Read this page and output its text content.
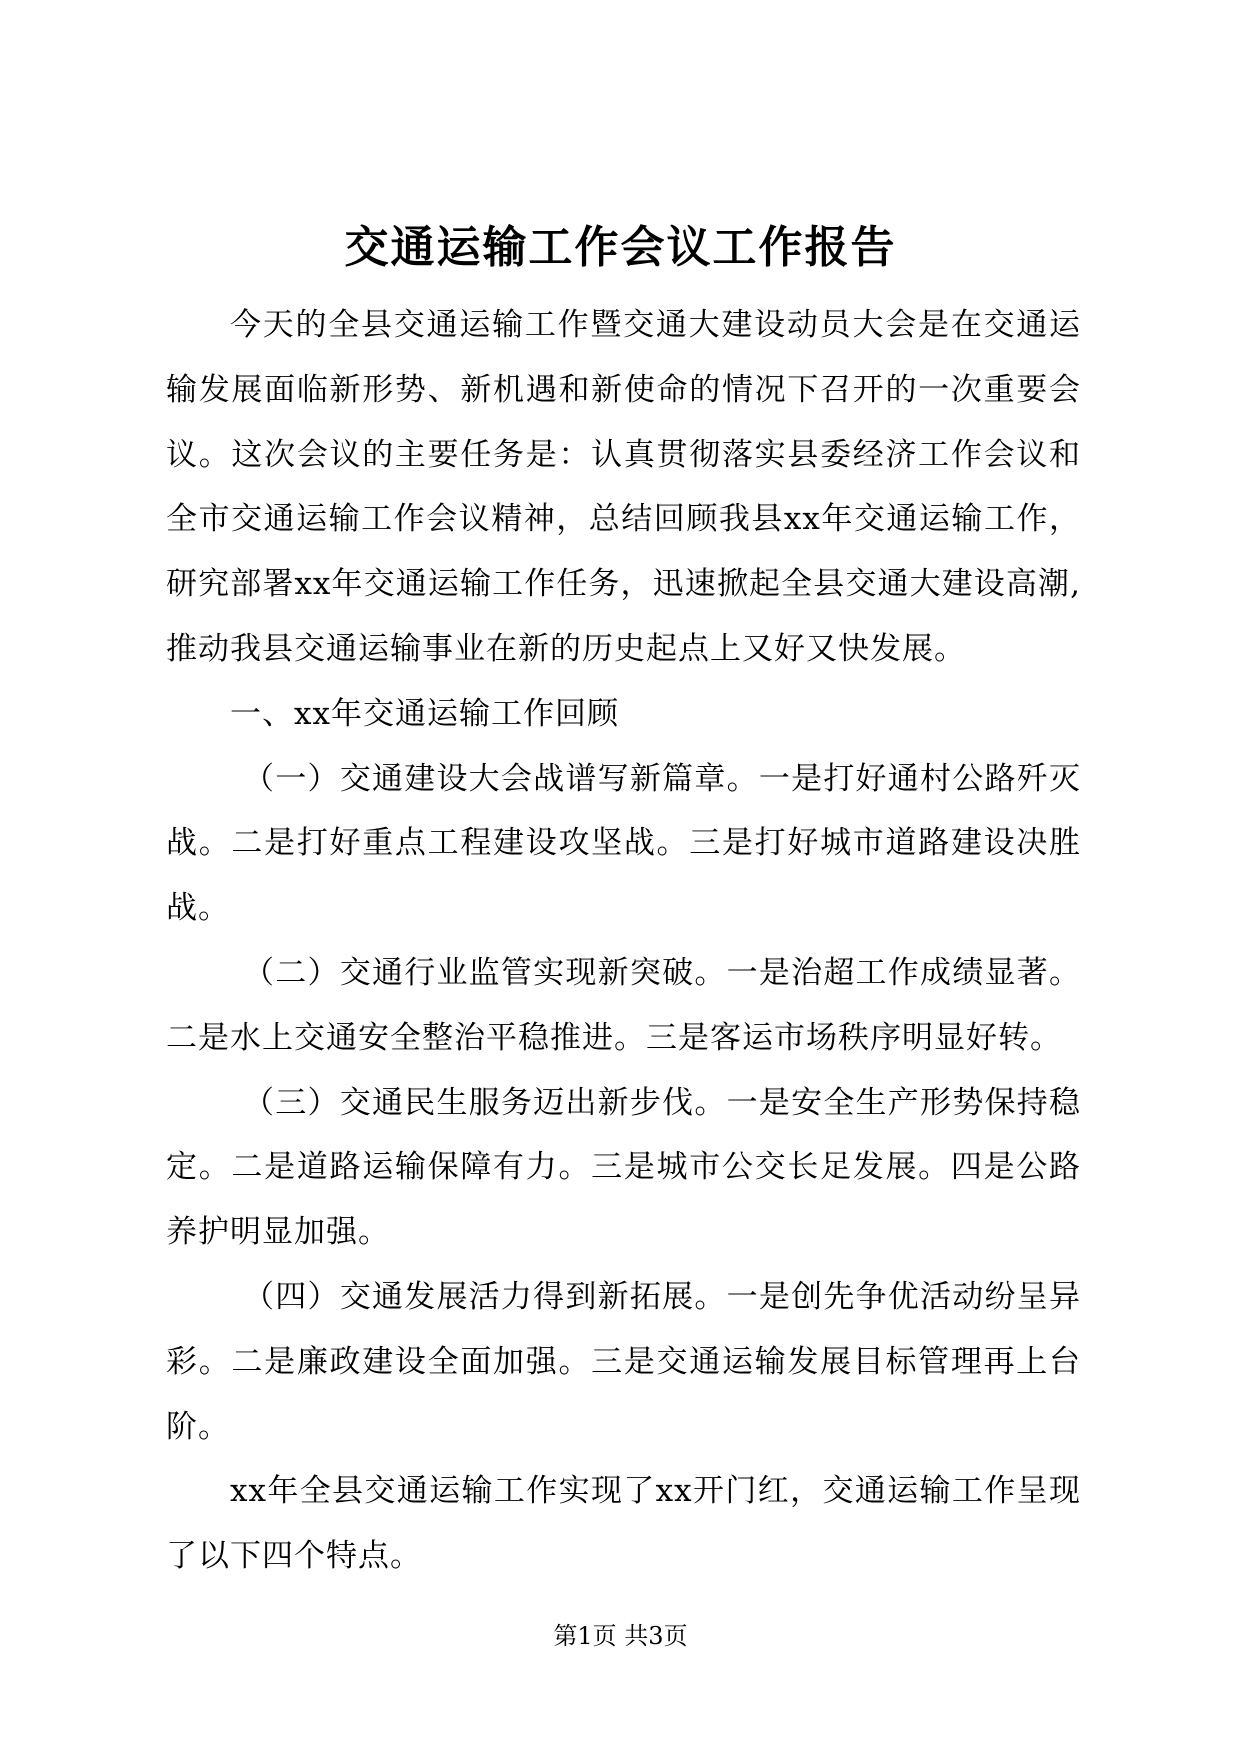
交通运输工作会议工作报告

今天的全县交通运输工作暨交通大建设动员大会是在交通运输发展面临新形势、新机遇和新使命的情况下召开的一次重要会议。这次会议的主要任务是：认真贯彻落实县委经济工作会议和全市交通运输工作会议精神，总结回顾我县xx年交通运输工作，研究部署xx年交通运输工作任务，迅速掀起全县交通大建设高潮,推动我县交通运输事业在新的历史起点上又好又快发展。

一、xx年交通运输工作回顾

（一）交通建设大会战谱写新篇章。一是打好通村公路歼灭战。二是打好重点工程建设攻坚战。三是打好城市道路建设决胜战。

（二）交通行业监管实现新突破。一是治超工作成绩显著。二是水上交通安全整治平稳推进。三是客运市场秩序明显好转。

（三）交通民生服务迈出新步伐。一是安全生产形势保持稳定。二是道路运输保障有力。三是城市公交长足发展。四是公路养护明显加强。

（四）交通发展活力得到新拓展。一是创先争优活动纷呈异彩。二是廉政建设全面加强。三是交通运输发展目标管理再上台阶。

xx年全县交通运输工作实现了xx开门红，交通运输工作呈现了以下四个特点。

第1页 共3页
